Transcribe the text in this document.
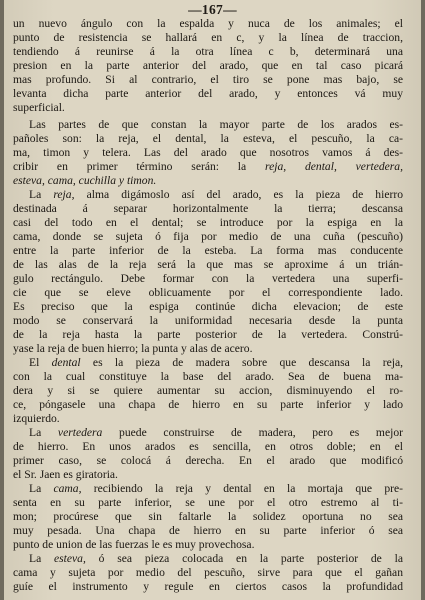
—167—
un nuevo ángulo con la espalda y nuca de los animales; el
punto de resistencia se hallará en c, y la línea de traccion,
tendiendo á reunirse á la otra línea c b, determinará una
presion en la parte anterior del arado, que en tal caso picará
mas profundo. Si al contrario, el tiro se pone mas bajo, se
levanta dicha parte anterior del arado, y entonces vá muy
superficial.
Las partes de que constan la mayor parte de los arados es-
pañoles son: la reja, el dental, la esteva, el pescuño, la ca-
ma, timon y telera. Las del arado que nosotros vamos á des-
cribir en primer término serán: la reja, dental, vertedera,
esteva, cama, cuchilla y timon.
La reja, alma digámoslo así del arado, es la pieza de hierro
destinada á separar horizontalmente la tierra; descansa
casi del todo en el dental; se introduce por la espiga en la
cama, donde se sujeta ó fija por medio de una cuña (pescuño)
entre la parte inferior de la esteba. La forma mas conducente
de las alas de la reja será la que mas se aproxime á un trián-
gulo rectángulo. Debe formar con la vertedera una superfi-
cie que se eleve oblicuamente por el correspondiente lado.
Es preciso que la espiga continúe dicha elevacion; de este
modo se conservará la uniformidad necesaria desde la punta
de la reja hasta la parte posterior de la vertedera. Constrú-
yase la reja de buen hierro; la punta y alas de acero.
El dental es la pieza de madera sobre que descansa la reja,
con la cual constituye la base del arado. Sea de buena ma-
dera y si se quiere aumentar su accion, disminuyendo el ro-
ce, póngasele una chapa de hierro en su parte inferior y lado
izquierdo.
La vertedera puede construirse de madera, pero es mejor
de hierro. En unos arados es sencilla, en otros doble; en el
primer caso, se colocá á derecha. En el arado que modificó
el Sr. Jaen es giratoria.
La cama, recibiendo la reja y dental en la mortaja que pre-
senta en su parte inferior, se une por el otro estremo al ti-
mon; procúrese que sin faltarle la solidez oportuna no sea
muy pesada. Una chapa de hierro en su parte inferior ó sea
punto de union de las fuerzas le es muy provechosa.
La esteva, ó sea pieza colocada en la parte posterior de la
cama y sujeta por medio del pescuño, sirve para que el gañan
guíe el instrumento y regule en ciertos casos la profundidad
